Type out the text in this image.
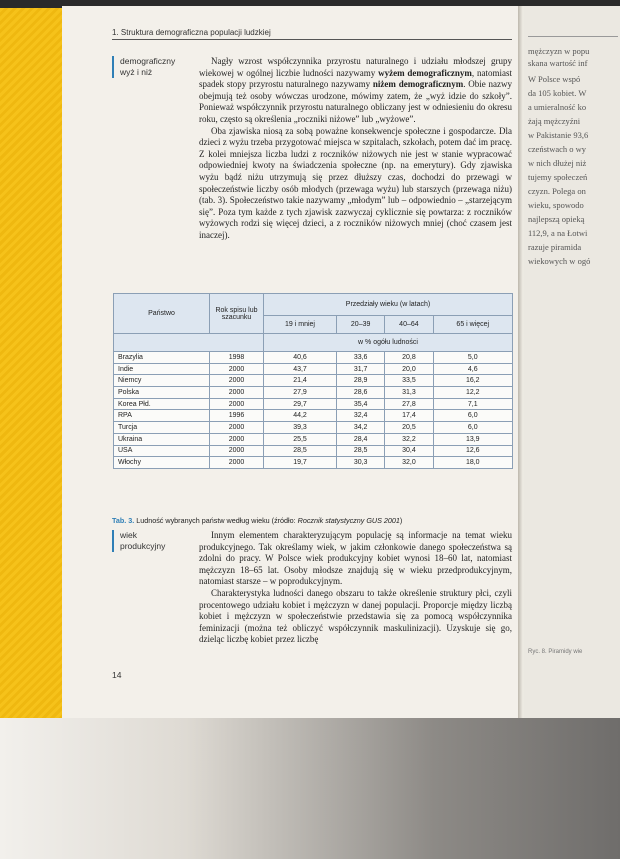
1. Struktura demograficzna populacji ludzkiej
demograficzny
wyż i niż

Nagły wzrost współczynnika przyrostu naturalnego i udziału młodszej grupy wiekowej w ogólnej liczbie ludności nazywamy wyżem demograficznym, natomiast spadek stopy przyrostu naturalnego nazywamy niżem demograficznym. Obie nazwy obejmują też osoby wówczas urodzone, mówimy zatem, że „wyż idzie do szkoły”. Ponieważ współczynnik przyrostu naturalnego obliczany jest w odniesieniu do okresu roku, często są określenia „roczniki niżowe” lub „wyżowe”.

Oba zjawiska niosą za sobą poważne konsekwencje społeczne i gospodarcze. Dla dzieci z wyżu trzeba przygotować miejsca w szpitalach, szkołach, potem dać im pracę. Z kolei mniejsza liczba ludzi z roczników niżowych nie jest w stanie wypracować odpowiedniej kwoty na świadczenia społeczne (np. na emerytury). Gdy zjawiska wyżu bądź niżu utrzymują się przez dłuższy czas, dochodzi do przewagi w społeczeństwie liczby osób młodych (przewaga wyżu) lub starszych (przewaga niżu) (tab. 3). Społeczeństwo takie nazywamy „młodym” lub – odpowiednio – „starzejącym się”. Poza tym każde z tych zjawisk zazwyczaj cyklicznie się powtarza: z roczników wyżowych rodzi się więcej dzieci, a z roczników niżowych mniej (choć czasem jest inaczej).

Państwo	Rok spisu lub szacunku	Przedziały wieku (w latach)			
		19 i mniej	20–39	40–64	65 i więcej
		w % ogółu ludności			
Brazylia	1998	40,6	33,6	20,8	5,0
Indie	2000	43,7	31,7	20,0	4,6
Niemcy	2000	21,4	28,9	33,5	16,2
Polska	2000	27,9	28,6	31,3	12,2
Korea Płd.	2000	29,7	35,4	27,8	7,1
RPA	1996	44,2	32,4	17,4	6,0
Turcja	2000	39,3	34,2	20,5	6,0
Ukraina	2000	25,5	28,4	32,2	13,9
USA	2000	28,5	28,5	30,4	12,6
Włochy	2000	19,7	30,3	32,0	18,0
Tab. 3. Ludność wybranych państw według wieku (źródło: Rocznik statystyczny GUS 2001)
wiek
produkcyjny

Innym elementem charakteryzującym populację są informacje na temat wieku produkcyjnego. Tak określamy wiek, w jakim członkowie danego społeczeństwa są zdolni do pracy. W Polsce wiek produkcyjny kobiet wynosi 18–60 lat, natomiast mężczyzn 18–65 lat. Osoby młodsze znajdują się w wieku przedprodukcyjnym, natomiast starsze – w poprodukcyjnym.

Charakterystyka ludności danego obszaru to także określenie struktury płci, czyli procentowego udziału kobiet i mężczyzn w danej populacji. Proporcje między liczbą kobiet i mężczyzn w społeczeństwie przedstawia się za pomocą współczynnika feminizacji (można też obliczyć współczynnik maskulinizacji). Uzyskuje się go, dzieląc liczbę kobiet przez liczbę

14
mężczyzn w popu
skana wartość inf
W Polsce wspó
da 105 kobiet. W
a umieralność ko
żają mężczyźni
w Pakistanie 93,6
czeństwach o wy
w nich dłużej niż
tujemy społeczeń
czyzn. Polega on
wieku, spowodo
najlepszą opieką
112,9, a na Łotwi
razuje piramida
wiekowych w ogó
Ryc. 8. Piramidy wie
